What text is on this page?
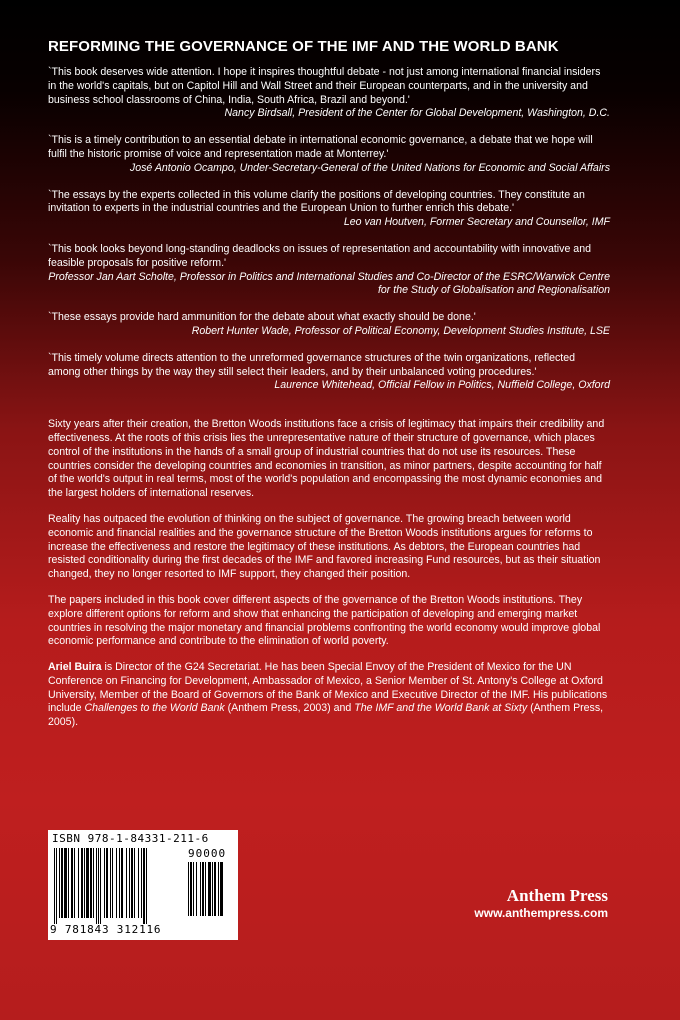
REFORMING THE GOVERNANCE OF THE IMF AND THE WORLD BANK
`This book deserves wide attention. I hope it inspires thoughtful debate - not just among international financial insiders in the world's capitals, but on Capitol Hill and Wall Street and their European counterparts, and in the university and business school classrooms of China, India, South Africa, Brazil and beyond.'
Nancy Birdsall, President of the Center for Global Development, Washington, D.C.
`This is a timely contribution to an essential debate in international economic governance, a debate that we hope will fulfil the historic promise of voice and representation made at Monterrey.'
José Antonio Ocampo, Under-Secretary-General of the United Nations for Economic and Social Affairs
`The essays by the experts collected in this volume clarify the positions of developing countries. They constitute an invitation to experts in the industrial countries and the European Union to further enrich this debate.'
Leo van Houtven, Former Secretary and Counsellor, IMF
`This book looks beyond long-standing deadlocks on issues of representation and accountability with innovative and feasible proposals for positive reform.'
Professor Jan Aart Scholte, Professor in Politics and International Studies and Co-Director of the ESRC/Warwick Centre for the Study of Globalisation and Regionalisation
`These essays provide hard ammunition for the debate about what exactly should be done.'
Robert Hunter Wade, Professor of Political Economy, Development Studies Institute, LSE
`This timely volume directs attention to the unreformed governance structures of the twin organizations, reflected among other things by the way they still select their leaders, and by their unbalanced voting procedures.'
Laurence Whitehead, Official Fellow in Politics, Nuffield College, Oxford

Sixty years after their creation, the Bretton Woods institutions face a crisis of legitimacy that impairs their credibility and effectiveness. At the roots of this crisis lies the unrepresentative nature of their structure of governance, which places control of the institutions in the hands of a small group of industrial countries that do not use its resources. These countries consider the developing countries and economies in transition, as minor partners, despite accounting for half of the world's output in real terms, most of the world's population and encompassing the most dynamic economies and the largest holders of international reserves.

Reality has outpaced the evolution of thinking on the subject of governance. The growing breach between world economic and financial realities and the governance structure of the Bretton Woods institutions argues for reforms to increase the effectiveness and restore the legitimacy of these institutions. As debtors, the European countries had resisted conditionality during the first decades of the IMF and favored increasing Fund resources, but as their situation changed, they no longer resorted to IMF support, they changed their position.

The papers included in this book cover different aspects of the governance of the Bretton Woods institutions. They explore different options for reform and show that enhancing the participation of developing and emerging market countries in resolving the major monetary and financial problems confronting the world economy would improve global economic performance and contribute to the elimination of world poverty.

Ariel Buira is Director of the G24 Secretariat. He has been Special Envoy of the President of Mexico for the UN Conference on Financing for Development, Ambassador of Mexico, a Senior Member of St. Antony's College at Oxford University, Member of the Board of Governors of the Bank of Mexico and Executive Director of the IMF. His publications include Challenges to the World Bank (Anthem Press, 2003) and The IMF and the World Bank at Sixty (Anthem Press, 2005).

ISBN 978-1-84331-211-6
90000
9 781843 312116
Anthem Press
www.anthempress.com
